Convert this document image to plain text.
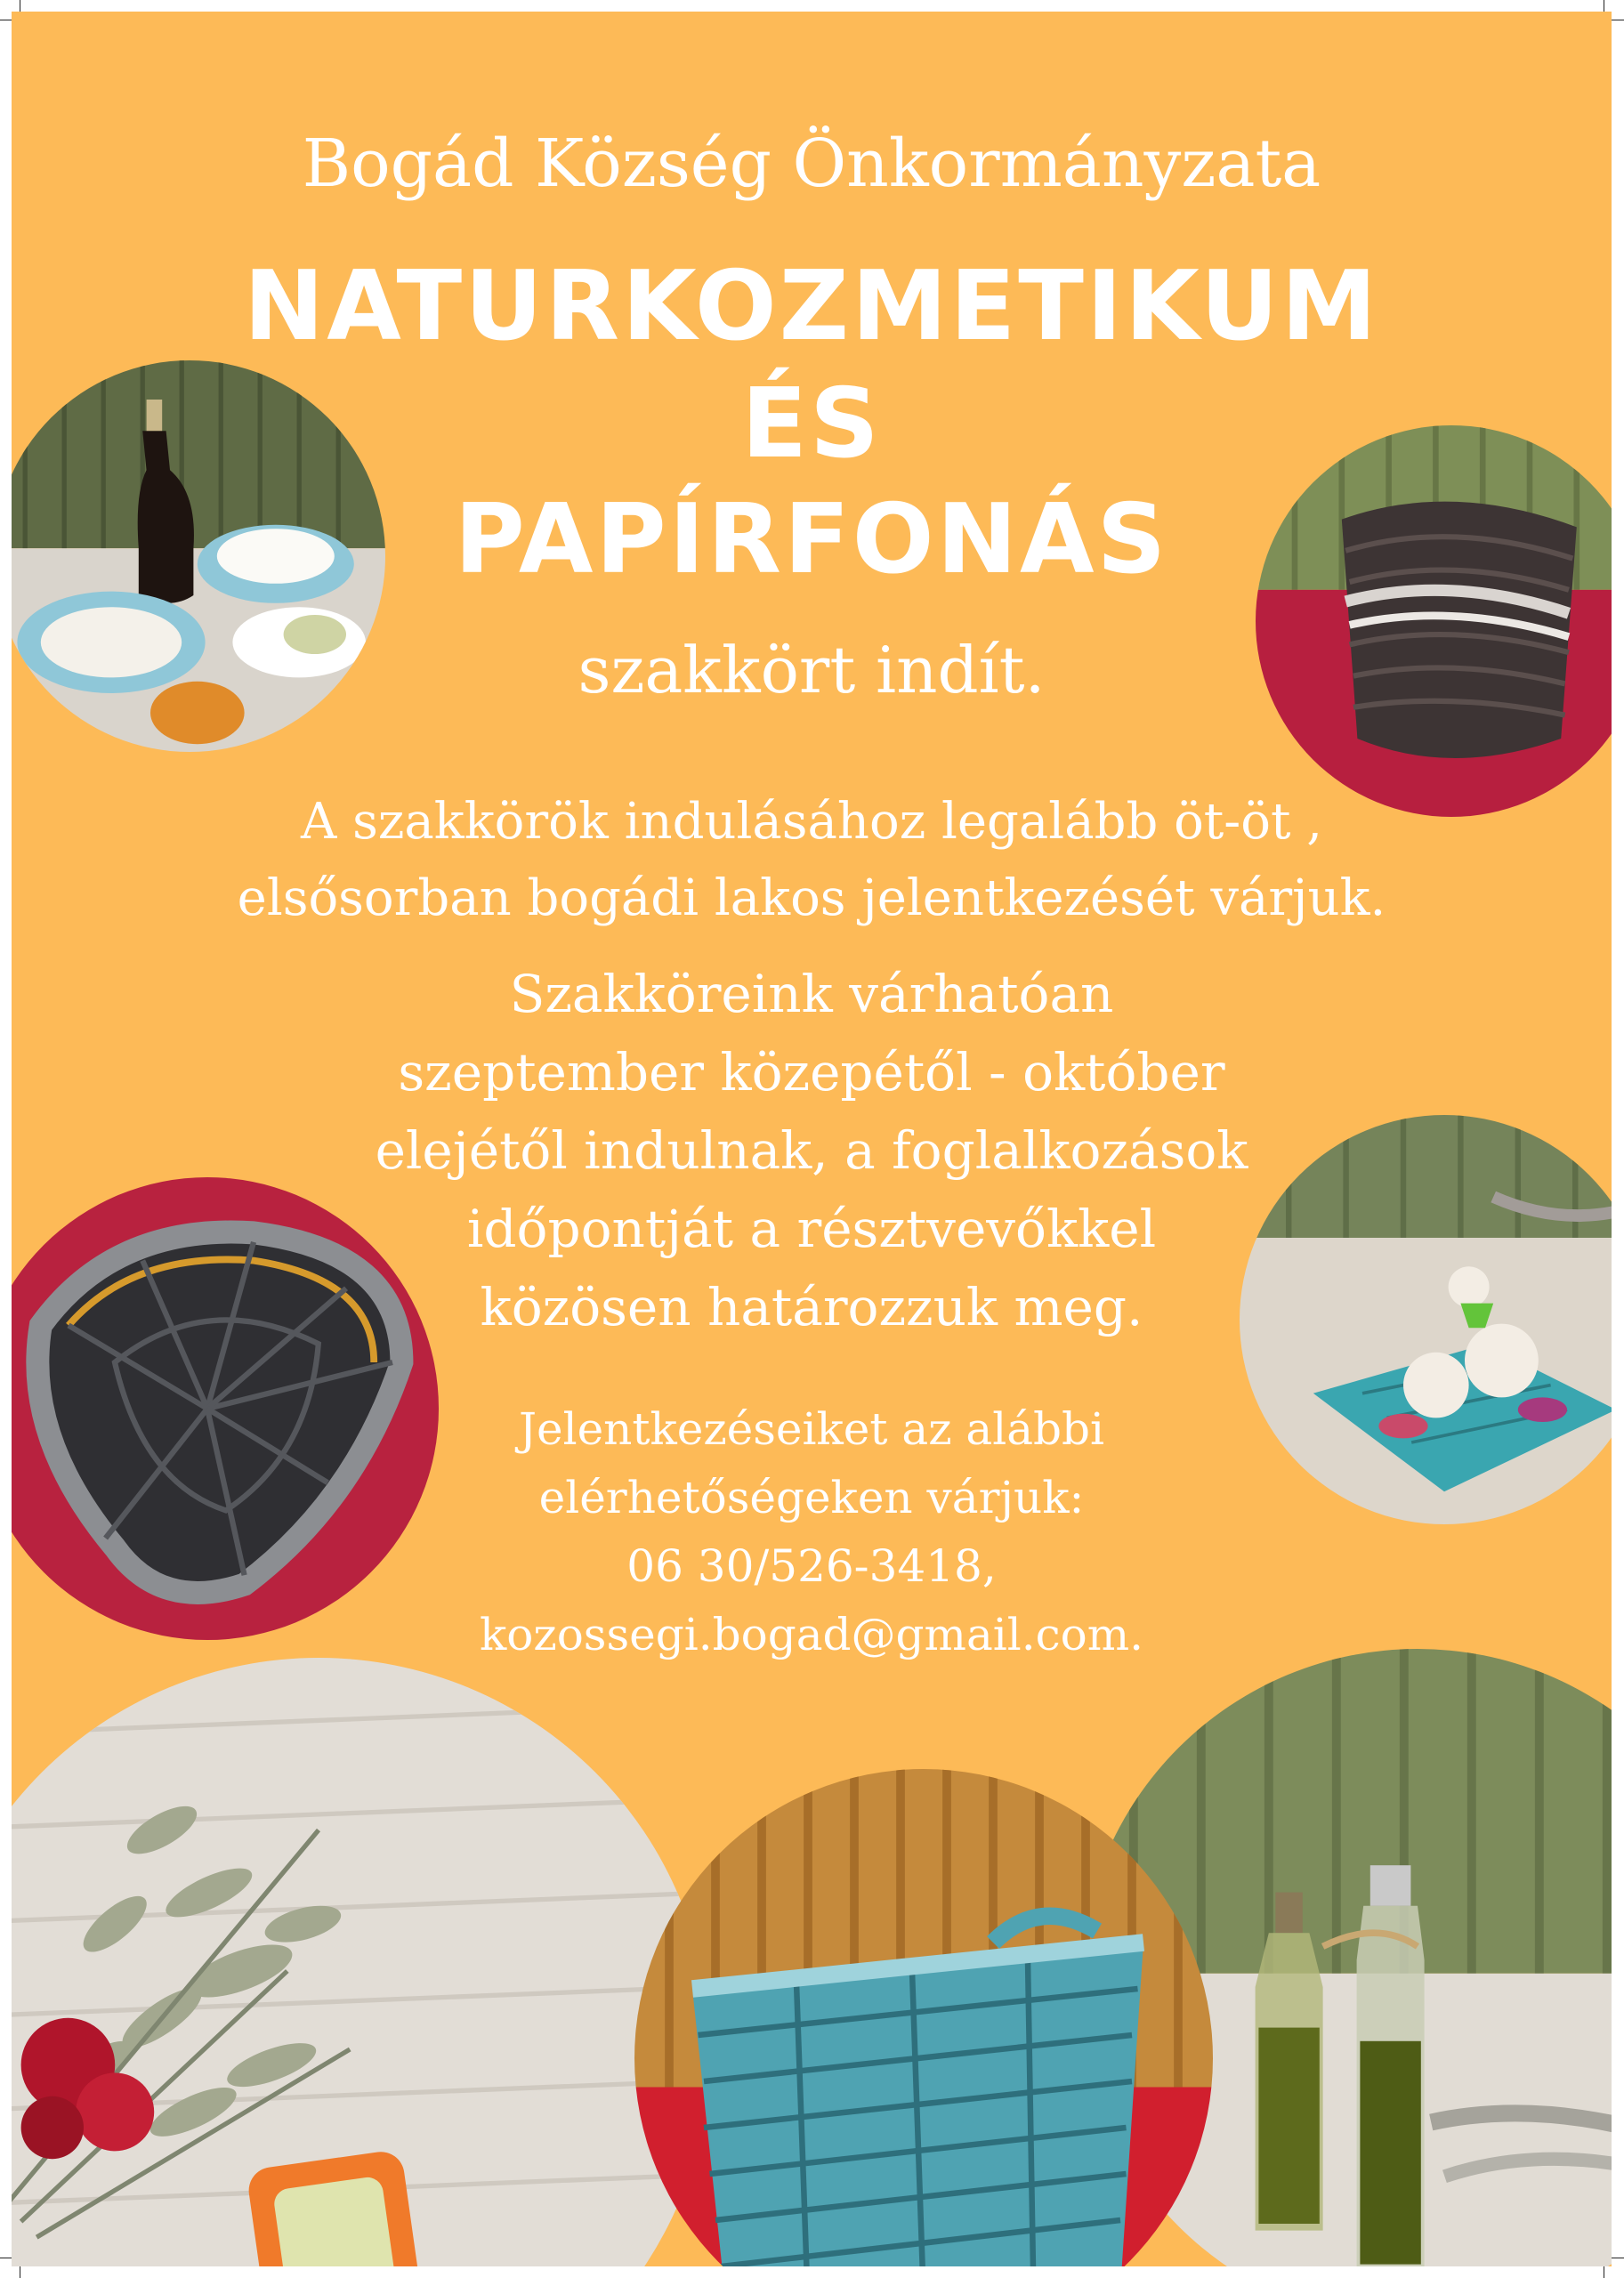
Bogád Község Önkormányzata
NATURKOZMETIKUM
ÉS
PAPÍRFONÁS
szakkört indít.
A szakkörök indulásához legalább öt-öt ,
elsősorban bogádi lakos jelentkezését várjuk.
Szakköreink várhatóan
szeptember közepétől - október
elejétől indulnak, a foglalkozások
időpontját a résztvevőkkel
közösen határozzuk meg.
Jelentkezéseiket az alábbi
elérhetőségeken várjuk:
06 30/526-3418,
kozossegi.bogad@gmail.com.
